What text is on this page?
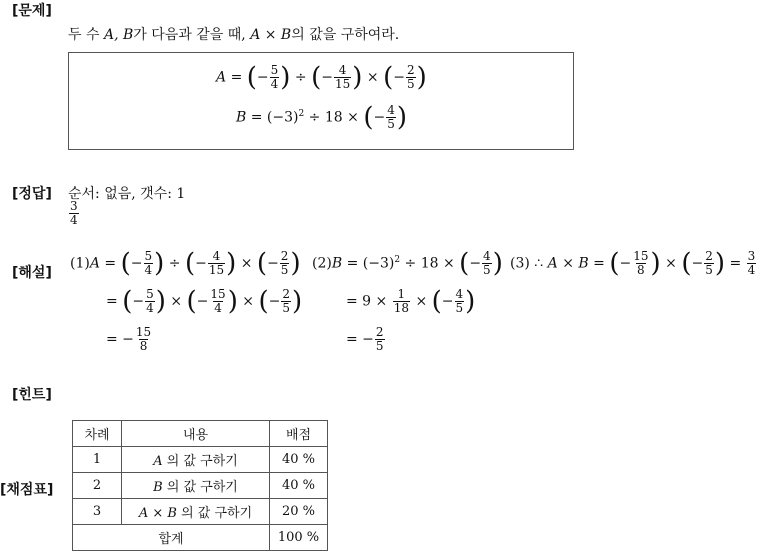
[문제]
[정답]
[해설]
[힌트]
[채점표]
두 수 A, B가 다음과 같을 때, A × B의 값을 구하여라.
A = (− $\frac{5}{4}$ ) ÷ (− $\frac{4}{15}$ ) × (− $\frac{2}{5}$ )
$B = (-3)^2 \div 18$ × (− $\frac{4}{5}$ )
순서: 없음, 갯수: 1
$\frac{3}{4}$
(1)A = (− $\frac{5}{4}$ ) ÷ (− $\frac{4}{15}$ ) × (− $\frac{2}{5}$ )
= (− $\frac{5}{4}$ ) × (− $\frac{15}{4}$ ) × (− $\frac{2}{5}$ )
= − $\frac{15}{8}$
$(2)B = (-3)^2 \div 18$ × (− $\frac{4}{5}$ )
= $9 \times \frac{1}{18}$ × (− $\frac{4}{5}$ )
= − $\frac{2}{5}$
(3) ∴ A × B = (− $\frac{15}{8}$ ) × (− $\frac{2}{5}$ ) = $\frac{3}{4}$
차례	내용	배점
1	A 의 값 구하기	40 %
2	B 의 값 구하기	40 %
3	A × B 의 값 구하기	20 %
합계		100 %
